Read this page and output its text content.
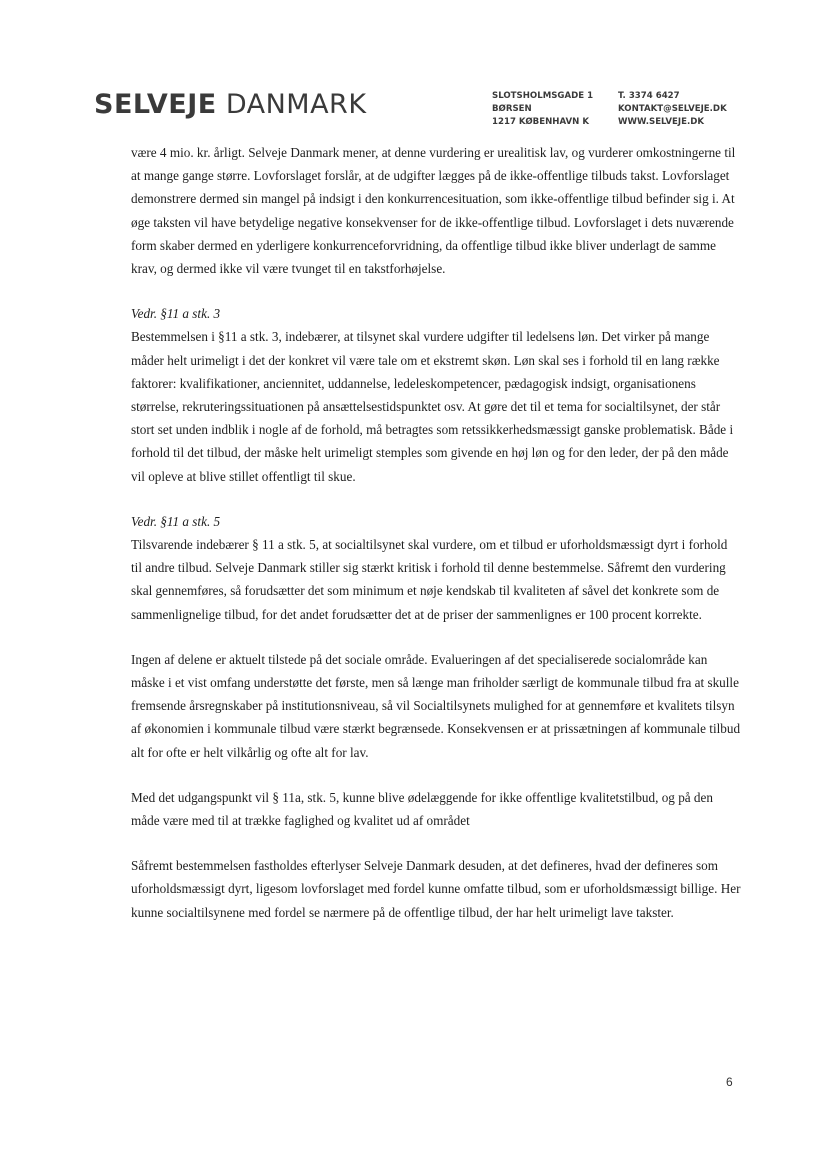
SELVEJE DANMARK	SLOTSHOLMSGADE 1
BØRSEN
1217 KØBENHAVN K
T. 3374 6427
KONTAKT@SELVEJE.DK
WWW.SELVEJE.DK

være 4 mio. kr. årligt. Selveje Danmark mener, at denne vurdering er urealitisk lav, og vurderer omkostningerne til at mange gange større. Lovforslaget forslår, at de udgifter lægges på de ikke-offentlige tilbuds takst. Lovforslaget demonstrere dermed sin mangel på indsigt i den konkurrencesituation, som ikke-offentlige tilbud befinder sig i. At øge taksten vil have betydelige negative konsekvenser for de ikke-offentlige tilbud. Lovforslaget i dets nuværende form skaber dermed en yderligere konkurrenceforvridning, da offentlige tilbud ikke bliver underlagt de samme krav, og dermed ikke vil være tvunget til en takstforhøjelse.

Vedr. §11 a stk. 3

Bestemmelsen i §11 a stk. 3, indebærer, at tilsynet skal vurdere udgifter til ledelsens løn. Det virker på mange måder helt urimeligt i det der konkret vil være tale om et ekstremt skøn. Løn skal ses i forhold til en lang række faktorer: kvalifikationer, anciennitet, uddannelse, ledeleskompetencer, pædagogisk indsigt, organisationens størrelse, rekruteringssituationen på ansættelsestidspunktet osv. At gøre det til et tema for socialtilsynet, der står stort set unden indblik i nogle af de forhold, må betragtes som retssikkerhedsmæssigt ganske problematisk. Både i forhold til det tilbud, der måske helt urimeligt stemples som givende en høj løn og for den leder, der på den måde vil opleve at blive stillet offentligt til skue.

Vedr. §11 a stk. 5

Tilsvarende indebærer § 11 a stk. 5, at socialtilsynet skal vurdere, om et tilbud er uforholdsmæssigt dyrt i forhold til andre tilbud. Selveje Danmark stiller sig stærkt kritisk i forhold til denne bestemmelse. Såfremt den vurdering skal gennemføres, så forudsætter det som minimum et nøje kendskab til kvaliteten af såvel det konkrete som de sammenlignelige tilbud, for det andet forudsætter det at de priser der sammenlignes er 100 procent korrekte.

Ingen af delene er aktuelt tilstede på det sociale område. Evalueringen af det specialiserede socialområde kan måske i et vist omfang understøtte det første, men så længe man friholder særligt de kommunale tilbud fra at skulle fremsende årsregnskaber på institutionsniveau, så vil Socialtilsynets mulighed for at gennemføre et kvalitets tilsyn af økonomien i kommunale tilbud være stærkt begrænsede. Konsekvensen er at prissætningen af kommunale tilbud alt for ofte er helt vilkårlig og ofte alt for lav.

Med det udgangspunkt vil § 11a, stk. 5, kunne blive ødelæggende for ikke offentlige kvalitetstilbud, og på den måde være med til at trække faglighed og kvalitet ud af området

Såfremt bestemmelsen fastholdes efterlyser Selveje Danmark desuden, at det defineres, hvad der defineres som uforholdsmæssigt dyrt, ligesom lovforslaget med fordel kunne omfatte tilbud, som er uforholdsmæssigt billige. Her kunne socialtilsynene med fordel se nærmere på de offentlige tilbud, der har helt urimeligt lave takster.

6
